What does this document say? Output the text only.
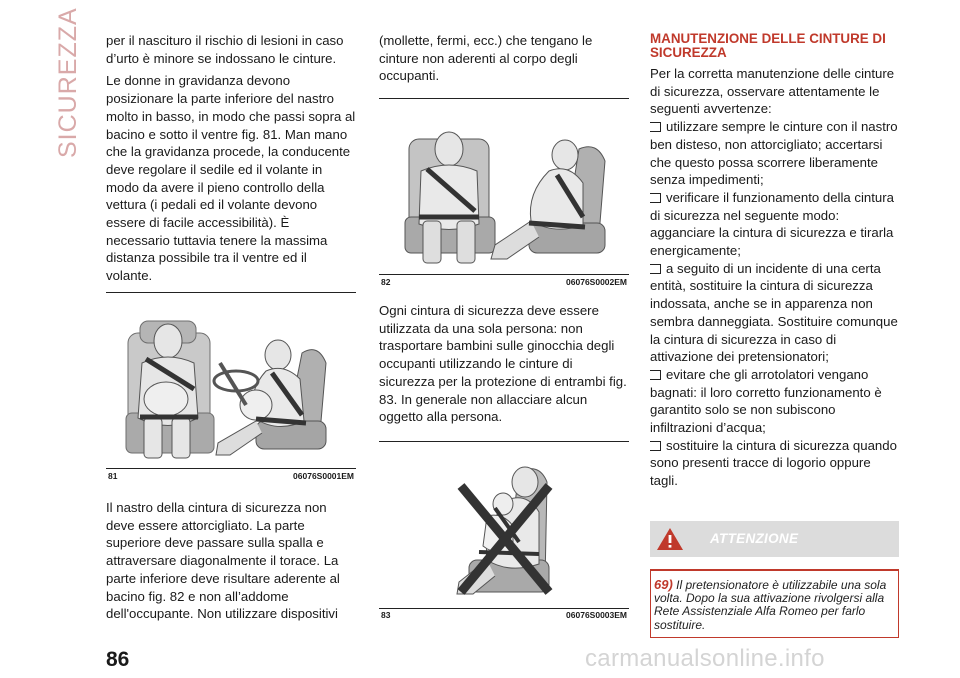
SICUREZZA per il nascituro il rischio di lesioni in caso d’urto è minore se indossano le cinture.

Le donne in gravidanza devono posizionare la parte inferiore del nastro molto in basso, in modo che passi sopra al bacino e sotto il ventre fig. 81. Man mano che la gravidanza procede, la conducente deve regolare il sedile ed il volante in modo da avere il pieno controllo della vettura (i pedali ed il volante devono essere di facile accessibilità). È necessario tuttavia tenere la massima distanza possibile tra il ventre ed il volante.

81	06076S0001EM

Il nastro della cintura di sicurezza non deve essere attorcigliato. La parte superiore deve passare sulla spalla e attraversare diagonalmente il torace. La parte inferiore deve risultare aderente al bacino fig. 82 e non all’addome dell'occupante. Non utilizzare dispositivi

(mollette, fermi, ecc.) che tengano le cinture non aderenti al corpo degli occupanti.

82	06076S0002EM

Ogni cintura di sicurezza deve essere utilizzata da una sola persona: non trasportare bambini sulle ginocchia degli occupanti utilizzando le cinture di sicurezza per la protezione di entrambi fig. 83. In generale non allacciare alcun oggetto alla persona.

83	06076S0003EM
MANUTENZIONE DELLE CINTURE DI SICUREZZA

Per la corretta manutenzione delle cinture di sicurezza, osservare attentamente le seguenti avvertenze:

utilizzare sempre le cinture con il nastro ben disteso, non attorcigliato; accertarsi che questo possa scorrere liberamente senza impedimenti;
verificare il funzionamento della cintura di sicurezza nel seguente modo: agganciare la cintura di sicurezza e tirarla energicamente;
a seguito di un incidente di una certa entità, sostituire la cintura di sicurezza indossata, anche se in apparenza non sembra danneggiata. Sostituire comunque la cintura di sicurezza in caso di attivazione dei pretensionatori;
evitare che gli arrotolatori vengano bagnati: il loro corretto funzionamento è garantito solo se non subiscono infiltrazioni d’acqua;
sostituire la cintura di sicurezza quando sono presenti tracce di logorio oppure tagli.
ATTENZIONE

69) Il pretensionatore è utilizzabile una sola volta. Dopo la sua attivazione rivolgersi alla Rete Assistenziale Alfa Romeo per farlo sostituire.

86	carmanualsonline.info
